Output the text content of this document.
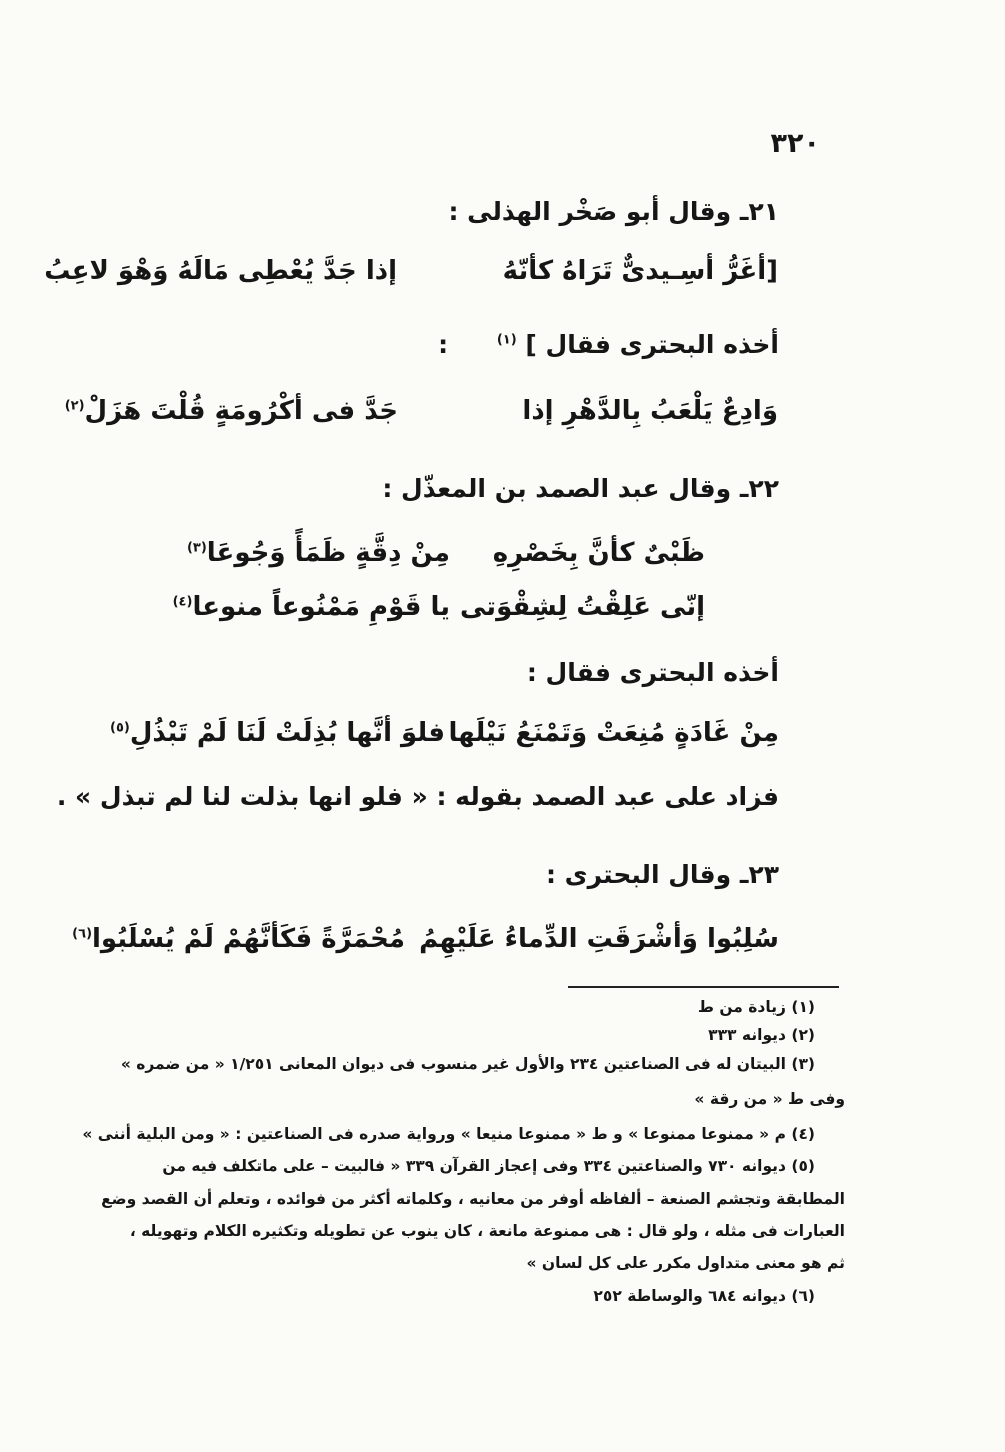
٣٢٠
٢١ـ وقال أبو صَخْر الهذلى :
[أغَرُّ أسِـيدىٌّ تَرَاهُ كأنّهُ
إذا جَدَّ يُعْطِى مَالَهُ وَهْوَ لاعِبُ
أخذه البحترى فقال ] $^{(١)}$ :
وَادِعٌ يَلْعَبُ بِالدَّهْرِ إذا
جَدَّ فى أكْرُومَةٍ قُلْتَ هَزَلْ$^{(٢)}$
٢٢ـ وقال عبد الصمد بن المعذّل :
ظَبْىٌ كأنَّ بِخَصْرِهِ
مِنْ دِقَّةٍ ظَمَأً وَجُوعَا$^{(٣)}$
إنّى عَلِقْتُ لِشِقْوَتى
يا قَوْمِ مَمْنُوعاً منوعا$^{(٤)}$
أخذه البحترى فقال :
مِنْ غَادَةٍ مُنِعَتْ وَتَمْنَعُ نَيْلَها
فلوَ أنَّها بُذِلَتْ لَنَا لَمْ تَبْذُلِ$^{(٥)}$
فزاد على عبد الصمد بقوله : « فلو انها بذلت لنا لم تبذل » .
٢٣ـ وقال البحترى :
سُلِبُوا وَأشْرَقَتِ الدِّماءُ عَلَيْهِمُ
مُحْمَرَّةً فَكَأنَّهُمْ لَمْ يُسْلَبُوا$^{(٦)}$
(١) زيادة من ط
(٢) ديوانه ٣٣٣
(٣) البيتان له فى الصناعتين ٢٣٤ والأول غير منسوب فى ديوان المعانى ١/٢٥١ « من ضمره »
وفى ط « من رقة »
(٤) م « ممنوعا ممنوعا » و ط « ممنوعا منيعا » ورواية صدره فى الصناعتين : « ومن البلية أننى »
(٥) ديوانه ٧٣٠ والصناعتين ٣٣٤ وفى إعجاز القرآن ٣٣٩ « فالبيت – على ماتكلف فيه من
المطابقة وتجشم الصنعة – ألفاظه أوفر من معانيه ، وكلماته أكثر من فوائده ، وتعلم أن القصد وضع
العبارات فى مثله ، ولو قال : هى ممنوعة مانعة ، كان ينوب عن تطويله وتكثيره الكلام وتهويله ،
ثم هو معنى متداول مكرر على كل لسان »
(٦) ديوانه ٦٨٤ والوساطة ٢٥٢
